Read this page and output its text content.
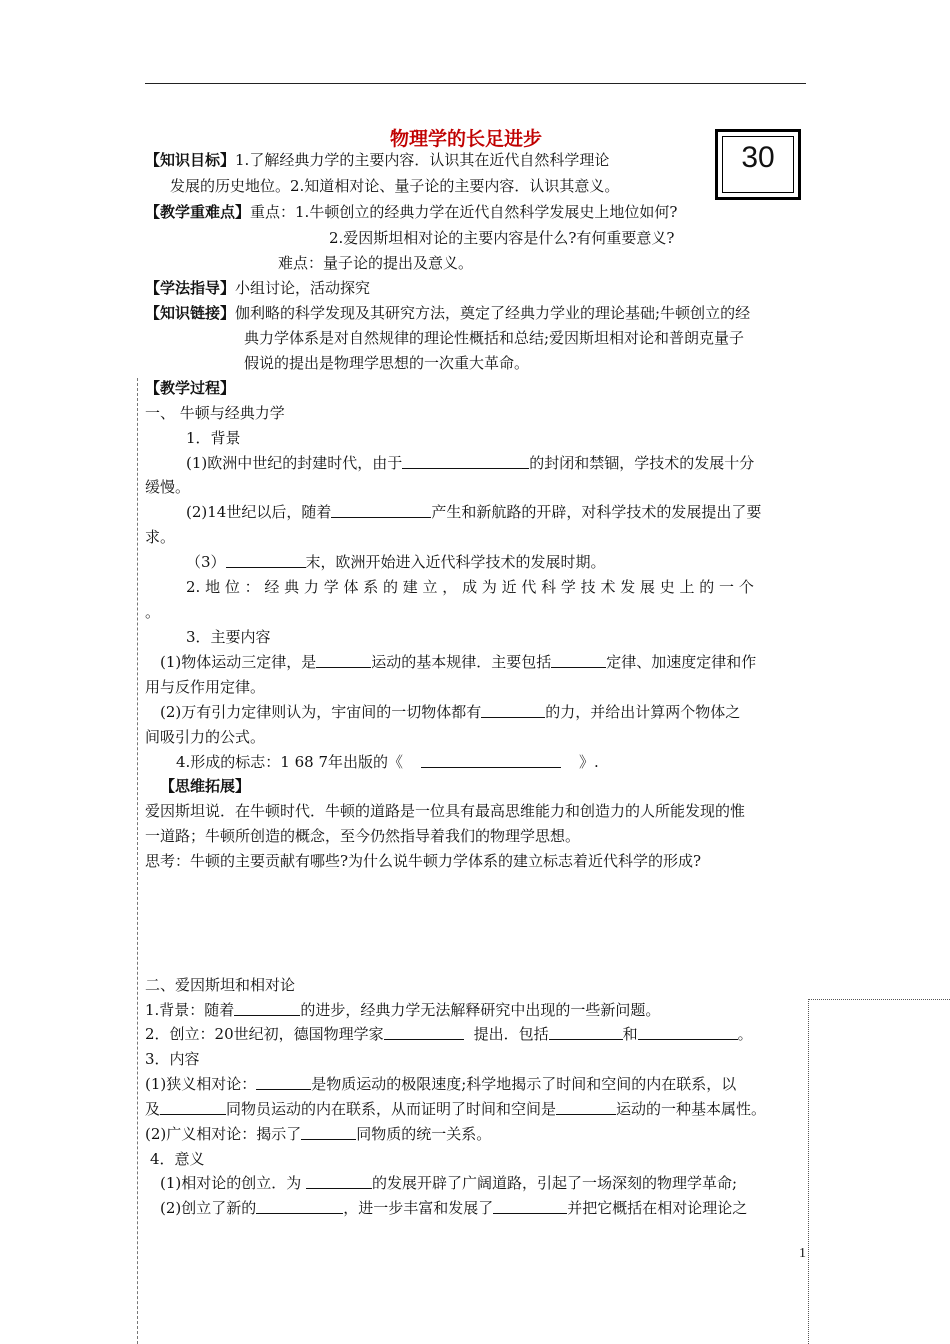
物理学的长足进步
30
【知识目标】1.了解经典力学的主要内容．认识其在近代自然科学理论
发展的历史地位。2.知道相对论、量子论的主要内容．认识其意义。
【教学重难点】重点：1.牛顿创立的经典力学在近代自然科学发展史上地位如何?
2.爱因斯坦相对论的主要内容是什么?有何重要意义?
难点：量子论的提出及意义。
【学法指导】小组讨论，活动探究
【知识链接】伽利略的科学发现及其研究方法，奠定了经典力学业的理论基础;牛顿创立的经
典力学体系是对自然规律的理论性概括和总结;爱因斯坦相对论和普朗克量子
假说的提出是物理学思想的一次重大革命。
【教学过程】
一、 牛顿与经典力学
1．背景
(1)欧洲中世纪的封建时代，由于	的封闭和禁锢，学技术的发展十分
缓慢。
(2)14世纪以后，随着	产生和新航路的开辟，对科学技术的发展提出了要
求。
（3）	末，欧洲开始进入近代科学技术的发展时期。
2. 地 位 ： 经 典 力 学 体 系 的 建 立 ， 成 为 近 代 科 学 技 术 发 展 史 上 的 一 个
。
3．主要内容
(1)物体运动三定律，是	运动的基本规律．主要包括	定律、加速度定律和作
用与反作用定律。
(2)万有引力定律则认为，宇宙间的一切物体都有	的力，并给出计算两个物体之
间吸引力的公式。
4.形成的标志：1 68 7年出版的《	》.
【思维拓展】
爱因斯坦说．在牛顿时代．牛顿的道路是一位具有最高思维能力和创造力的人所能发现的惟
一道路；牛顿所创造的概念，至今仍然指导着我们的物理学思想。
思考：牛顿的主要贡献有哪些?为什么说牛顿力学体系的建立标志着近代科学的形成?
二、爱因斯坦和相对论
1.背景：随着	的进步，经典力学无法解释研究中出现的一些新问题。
2．创立：20世纪初，德国物理学家	提出．包括	和	。
3．内容
(1)狭义相对论：	是物质运动的极限速度;科学地揭示了时间和空间的内在联系，以
及	同物员运动的内在联系，从而证明了时间和空间是	运动的一种基本属性。
(2)广义相对论：揭示了	同物质的统一关系。
4．意义
(1)相对论的创立．为	的发展开辟了广阔道路，引起了一场深刻的物理学革命;
(2)创立了新的	，进一步丰富和发展了	并把它概括在相对论理论之
1
